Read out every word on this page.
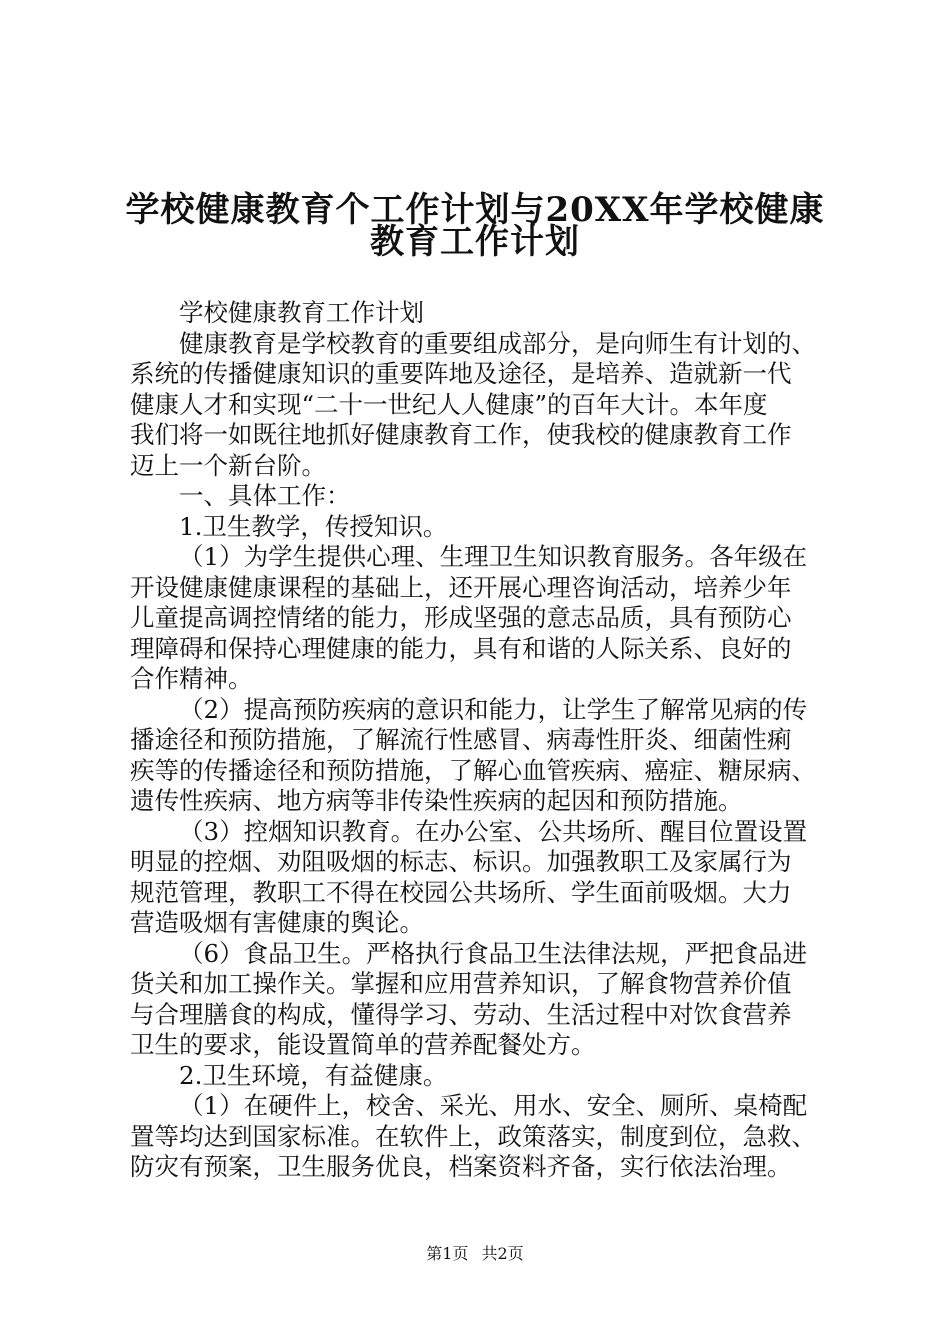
学校健康教育个工作计划与20XX年学校健康
教育工作计划
学校健康教育工作计划
健康教育是学校教育的重要组成部分，是向师生有计划的、
系统的传播健康知识的重要阵地及途径，是培养、造就新一代
健康人才和实现“二十一世纪人人健康”的百年大计。本年度
我们将一如既往地抓好健康教育工作，使我校的健康教育工作
迈上一个新台阶。
一、具体工作：
1.卫生教学，传授知识。
（1）为学生提供心理、生理卫生知识教育服务。各年级在
开设健康健康课程的基础上，还开展心理咨询活动，培养少年
儿童提高调控情绪的能力，形成坚强的意志品质，具有预防心
理障碍和保持心理健康的能力，具有和谐的人际关系、良好的
合作精神。
（2）提高预防疾病的意识和能力，让学生了解常见病的传
播途径和预防措施，了解流行性感冒、病毒性肝炎、细菌性痢
疾等的传播途径和预防措施，了解心血管疾病、癌症、糖尿病、
遗传性疾病、地方病等非传染性疾病的起因和预防措施。
（3）控烟知识教育。在办公室、公共场所、醒目位置设置
明显的控烟、劝阻吸烟的标志、标识。加强教职工及家属行为
规范管理，教职工不得在校园公共场所、学生面前吸烟。大力
营造吸烟有害健康的舆论。
（6）食品卫生。严格执行食品卫生法律法规，严把食品进
货关和加工操作关。掌握和应用营养知识，了解食物营养价值
与合理膳食的构成，懂得学习、劳动、生活过程中对饮食营养
卫生的要求，能设置简单的营养配餐处方。
2.卫生环境，有益健康。
（1）在硬件上，校舍、采光、用水、安全、厕所、桌椅配
置等均达到国家标准。在软件上，政策落实，制度到位，急救、
防灾有预案，卫生服务优良，档案资料齐备，实行依法治理。
第1页 共2页
